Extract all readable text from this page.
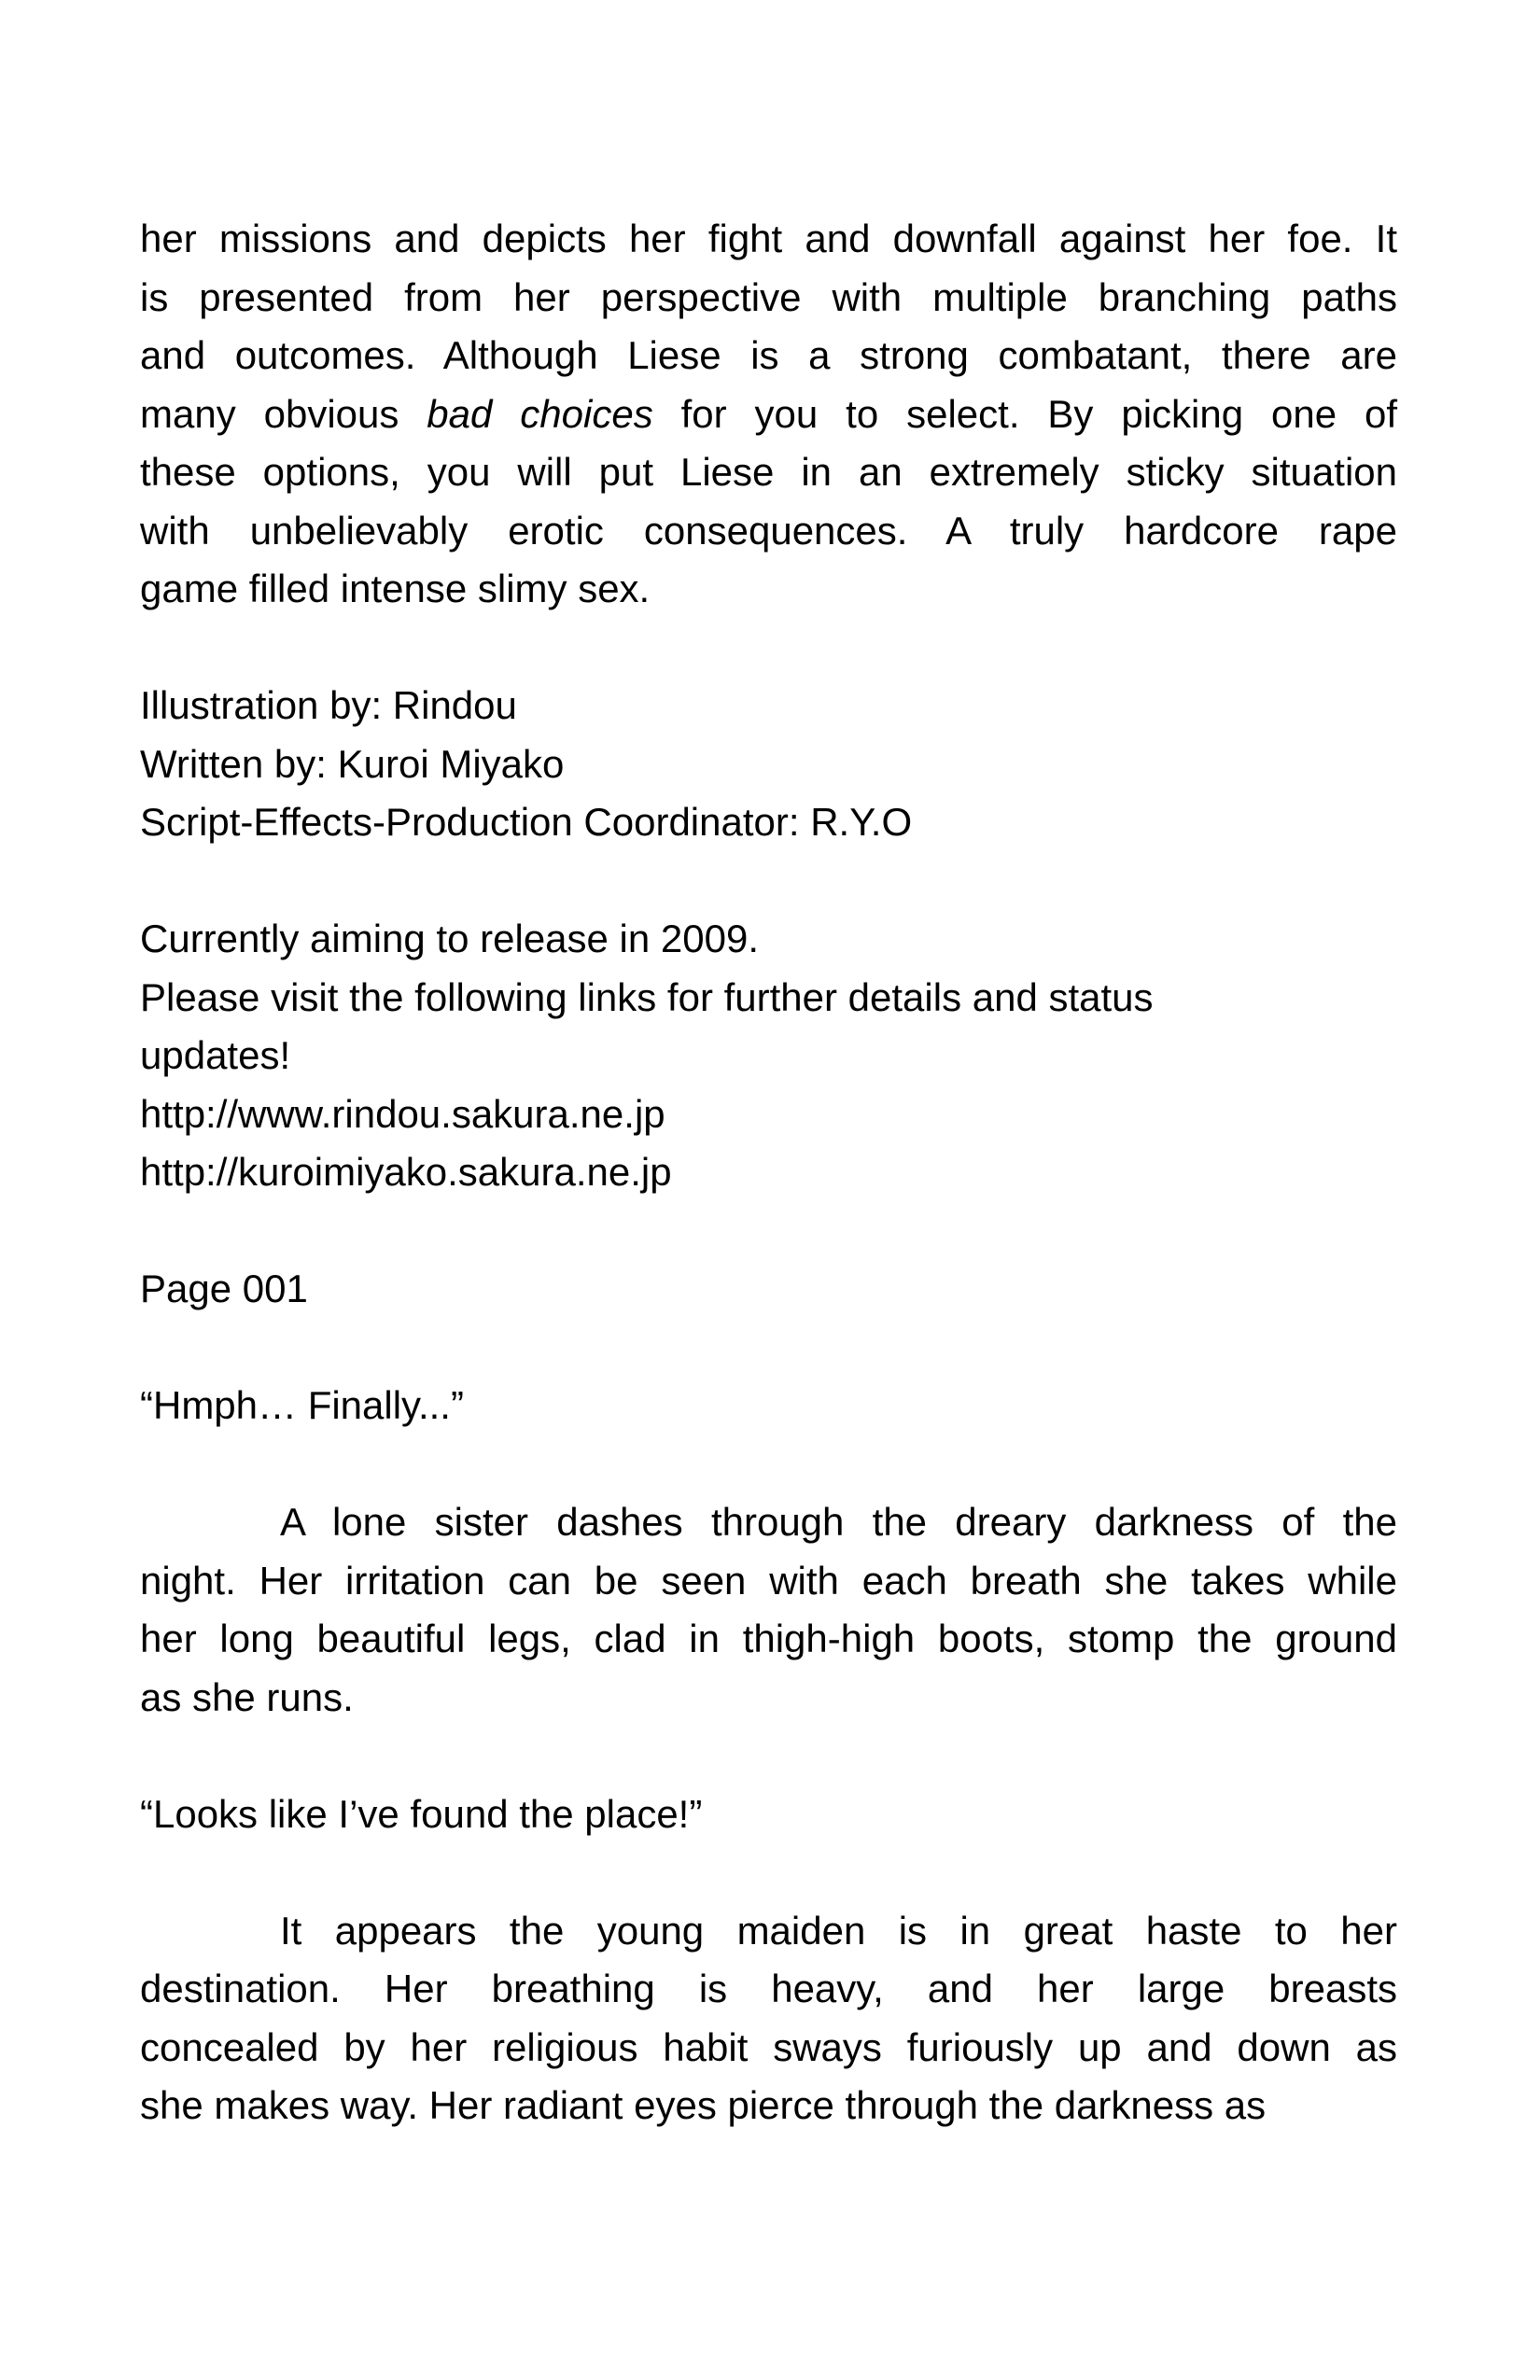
her missions and depicts her fight and downfall against her foe. It
is presented from her perspective with multiple branching paths
and outcomes. Although Liese is a strong combatant, there are
many obvious bad choices for you to select. By picking one of
these options, you will put Liese in an extremely sticky situation
with unbelievably erotic consequences. A truly hardcore rape
game filled intense slimy sex.
Illustration by: Rindou
Written by: Kuroi Miyako
Script-Effects-Production Coordinator: R.Y.O
Currently aiming to release in 2009.
Please visit the following links for further details and status
updates!
http://www.rindou.sakura.ne.jp
http://kuroimiyako.sakura.ne.jp
Page 001
“Hmph… Finally...”
A lone sister dashes through the dreary darkness of the
night. Her irritation can be seen with each breath she takes while
her long beautiful legs, clad in thigh-high boots, stomp the ground
as she runs.
“Looks like I’ve found the place!”
It appears the young maiden is in great haste to her
destination. Her breathing is heavy, and her large breasts
concealed by her religious habit sways furiously up and down as
she makes way. Her radiant eyes pierce through the darkness as
